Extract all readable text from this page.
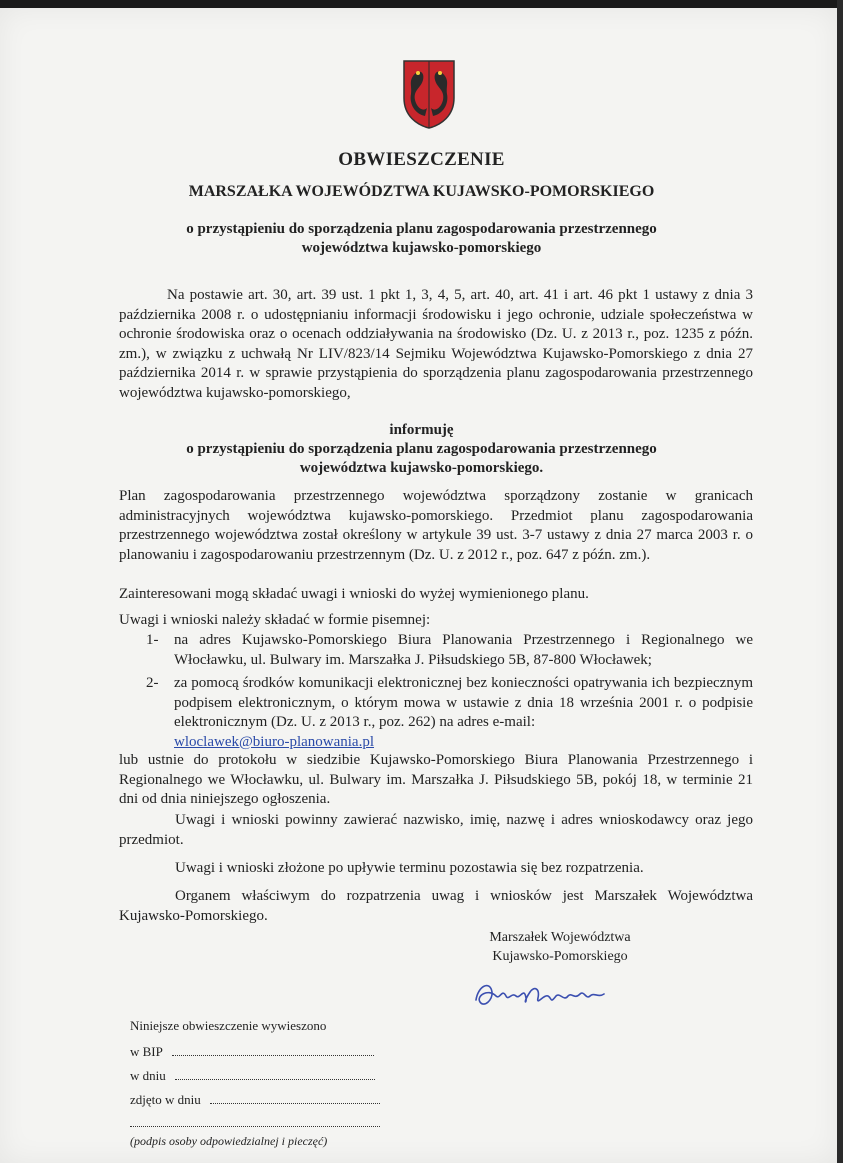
OBWIESZCZENIE
MARSZAŁKA WOJEWÓDZTWA KUJAWSKO-POMORSKIEGO
o przystąpieniu do sporządzenia planu zagospodarowania przestrzennego
województwa kujawsko-pomorskiego
Na postawie art. 30, art. 39 ust. 1 pkt 1, 3, 4, 5, art. 40, art. 41 i art. 46 pkt 1 ustawy z dnia 3 października 2008 r. o udostępnianiu informacji środowisku i jego ochronie, udziale społeczeństwa w ochronie środowiska oraz o ocenach oddziaływania na środowisko (Dz. U. z 2013 r., poz. 1235 z późn. zm.), w związku z uchwałą Nr LIV/823/14 Sejmiku Województwa Kujawsko-Pomorskiego z dnia 27 października 2014 r. w sprawie przystąpienia do sporządzenia planu zagospodarowania przestrzennego województwa kujawsko-pomorskiego,
informuję
o przystąpieniu do sporządzenia planu zagospodarowania przestrzennego
województwa kujawsko-pomorskiego.
Plan zagospodarowania przestrzennego województwa sporządzony zostanie w granicach administracyjnych województwa kujawsko-pomorskiego. Przedmiot planu zagospodarowania przestrzennego województwa został określony w artykule 39 ust. 3-7 ustawy z dnia 27 marca 2003 r. o planowaniu i zagospodarowaniu przestrzennym (Dz. U. z 2012 r., poz. 647 z późn. zm.).
Zainteresowani mogą składać uwagi i wnioski do wyżej wymienionego planu.
Uwagi i wnioski należy składać w formie pisemnej:
1- na adres Kujawsko-Pomorskiego Biura Planowania Przestrzennego i Regionalnego we Włocławku, ul. Bulwary im. Marszałka J. Piłsudskiego 5B, 87-800 Włocławek;
2- za pomocą środków komunikacji elektronicznej bez konieczności opatrywania ich bezpiecznym podpisem elektronicznym, o którym mowa w ustawie z dnia 18 września 2001 r. o podpisie elektronicznym (Dz. U. z 2013 r., poz. 262) na adres e-mail:
wloclawek@biuro-planowania.pl
lub ustnie do protokołu w siedzibie Kujawsko-Pomorskiego Biura Planowania Przestrzennego i Regionalnego we Włocławku, ul. Bulwary im. Marszałka J. Piłsudskiego 5B, pokój 18, w terminie 21 dni od dnia niniejszego ogłoszenia.
Uwagi i wnioski powinny zawierać nazwisko, imię, nazwę i adres wnioskodawcy oraz jego przedmiot.
Uwagi i wnioski złożone po upływie terminu pozostawia się bez rozpatrzenia.
Organem właściwym do rozpatrzenia uwag i wniosków jest Marszałek Województwa Kujawsko-Pomorskiego.
Marszałek Województwa
Kujawsko-Pomorskiego
Niniejsze obwieszczenie wywieszono
w BIP
w dniu
zdjęto w dniu
(podpis osoby odpowiedzialnej i pieczęć)
